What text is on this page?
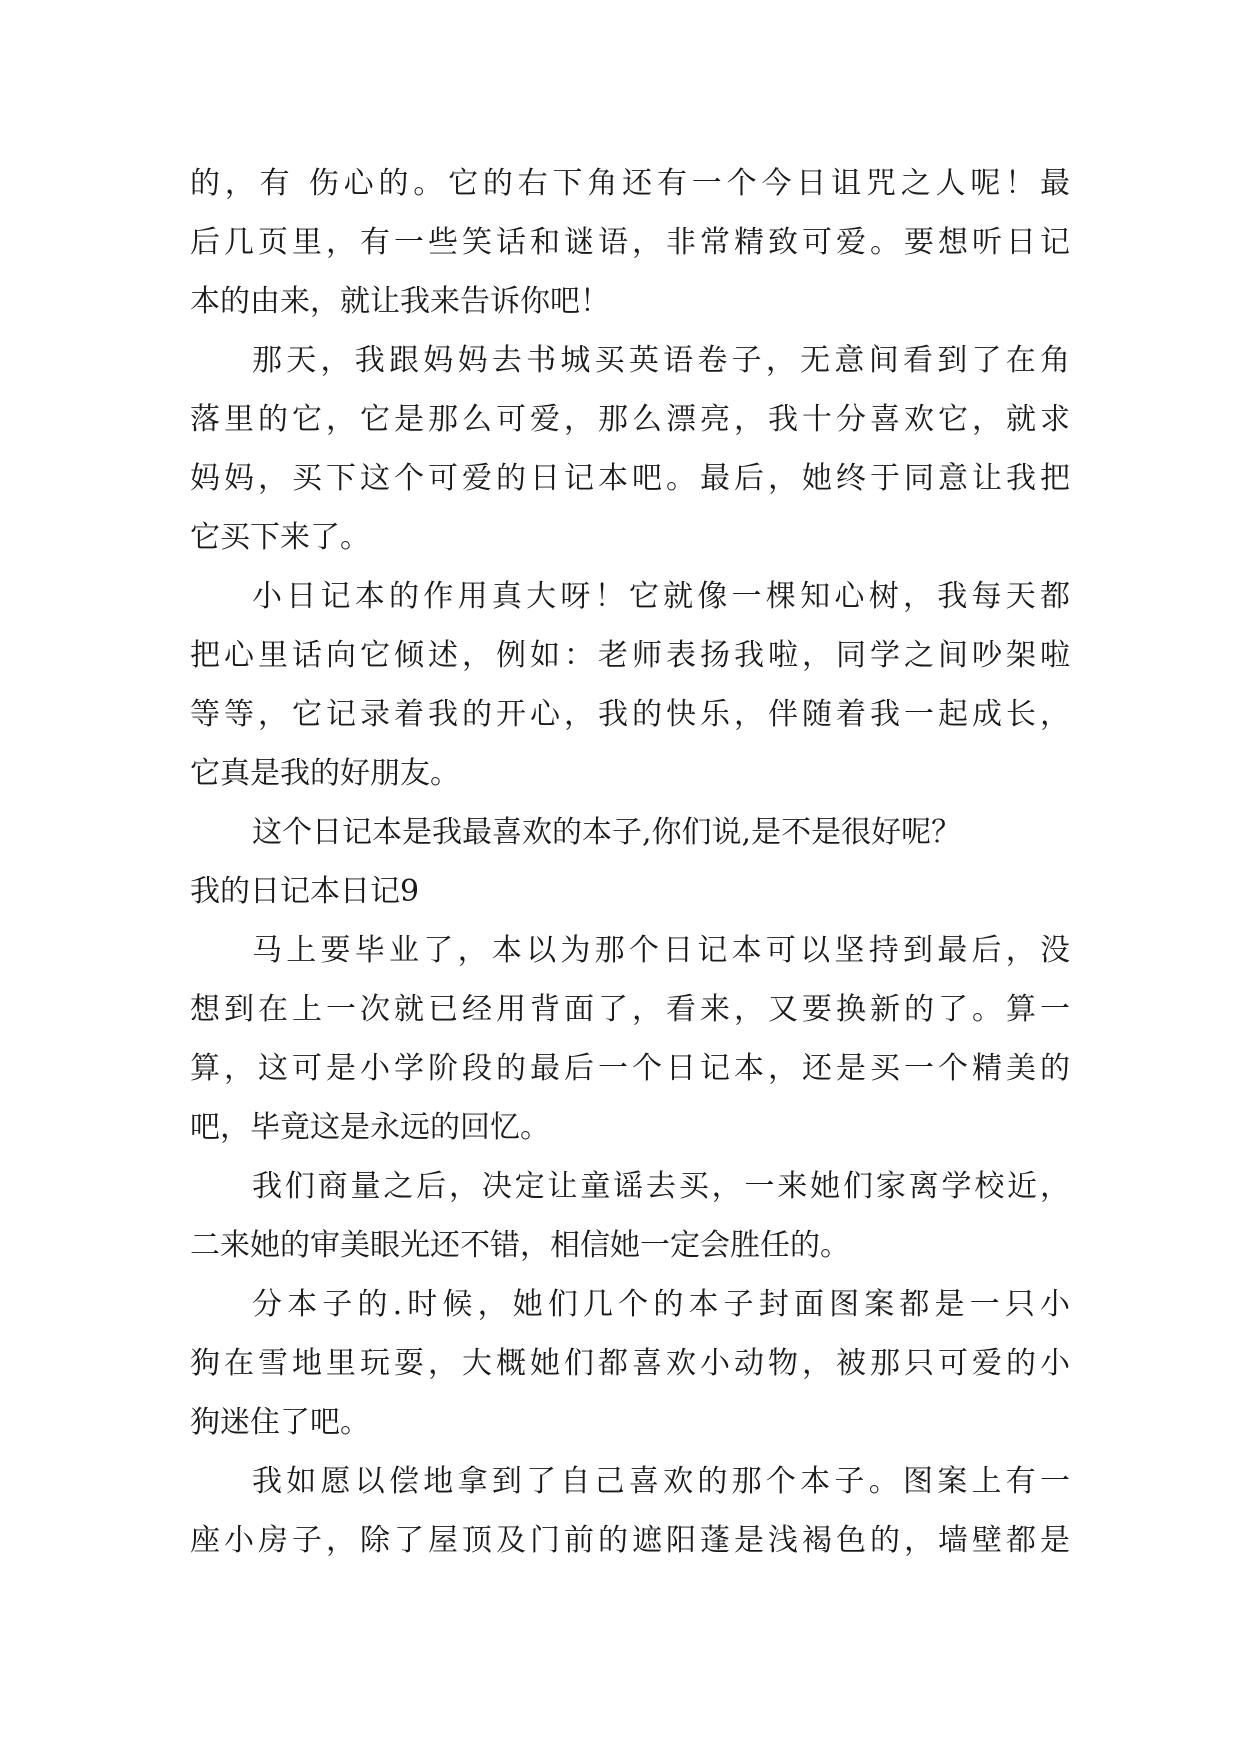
的，有 伤心的。它的右下角还有一个今日诅咒之人呢！最
后几页里，有一些笑话和谜语，非常精致可爱。要想听日记
本的由来，就让我来告诉你吧！
那天，我跟妈妈去书城买英语卷子，无意间看到了在角
落里的它，它是那么可爱，那么漂亮，我十分喜欢它，就求
妈妈，买下这个可爱的日记本吧。最后，她终于同意让我把
它买下来了。
小日记本的作用真大呀！它就像一棵知心树，我每天都
把心里话向它倾述，例如：老师表扬我啦，同学之间吵架啦
等等，它记录着我的开心，我的快乐，伴随着我一起成长，
它真是我的好朋友。
这个日记本是我最喜欢的本子,你们说,是不是很好呢？
我的日记本日记9
马上要毕业了，本以为那个日记本可以坚持到最后，没
想到在上一次就已经用背面了，看来，又要换新的了。算一
算，这可是小学阶段的最后一个日记本，还是买一个精美的
吧，毕竟这是永远的回忆。
我们商量之后，决定让童谣去买，一来她们家离学校近，
二来她的审美眼光还不错，相信她一定会胜任的。
分本子的.时候，她们几个的本子封面图案都是一只小
狗在雪地里玩耍，大概她们都喜欢小动物，被那只可爱的小
狗迷住了吧。
我如愿以偿地拿到了自己喜欢的那个本子。图案上有一
座小房子，除了屋顶及门前的遮阳蓬是浅褐色的，墙壁都是
